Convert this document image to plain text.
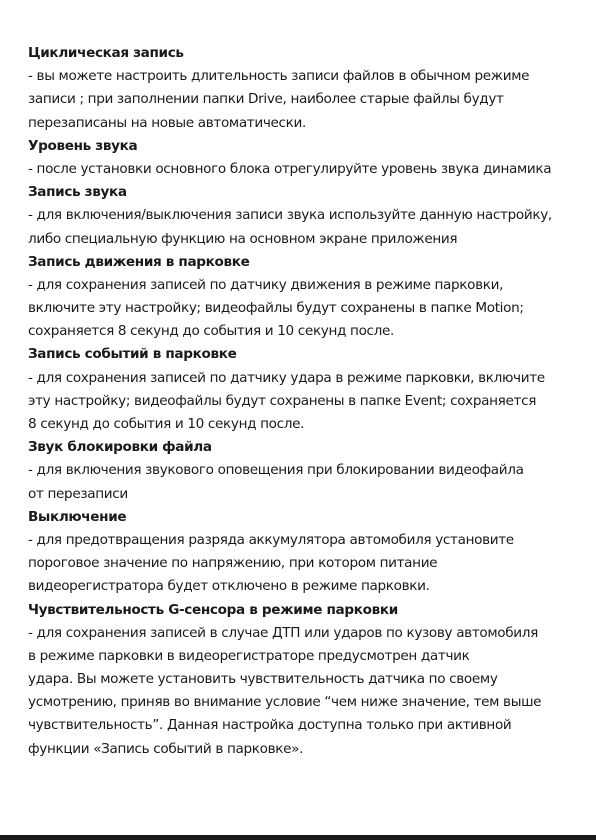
Циклическая запись
- вы можете настроить длительность записи файлов в обычном режиме
записи ; при заполнении папки Drive, наиболее старые файлы будут
перезаписаны на новые автоматически.
Уровень звука
- после установки основного блока отрегулируйте уровень звука динамика
Запись звука
- для включения/выключения записи звука используйте данную настройку,
либо специальную функцию на основном экране приложения
Запись движения в парковке
- для сохранения записей по датчику движения в режиме парковки,
включите эту настройку; видеофайлы будут сохранены в папке Motion;
сохраняется 8 секунд до события и 10 секунд после.
Запись событий в парковке
- для сохранения записей по датчику удара в режиме парковки, включите
эту настройку; видеофайлы будут сохранены в папке Event; сохраняется
8 секунд до события и 10 секунд после.
Звук блокировки файла
- для включения звукового оповещения при блокировании видеофайла
от перезаписи
Выключение
- для предотвращения разряда аккумулятора автомобиля установите
пороговое значение по напряжению, при котором питание
видеорегистратора будет отключено в режиме парковки.
Чувствительность G-сенсора в режиме парковки
- для сохранения записей в случае ДТП или ударов по кузову автомобиля
в режиме парковки в видеорегистраторе предусмотрен датчик
удара. Вы можете установить чувствительность датчика по своему
усмотрению, приняв во внимание условие “чем ниже значение, тем выше
чувствительность”. Данная настройка доступна только при активной
функции «Запись событий в парковке».
